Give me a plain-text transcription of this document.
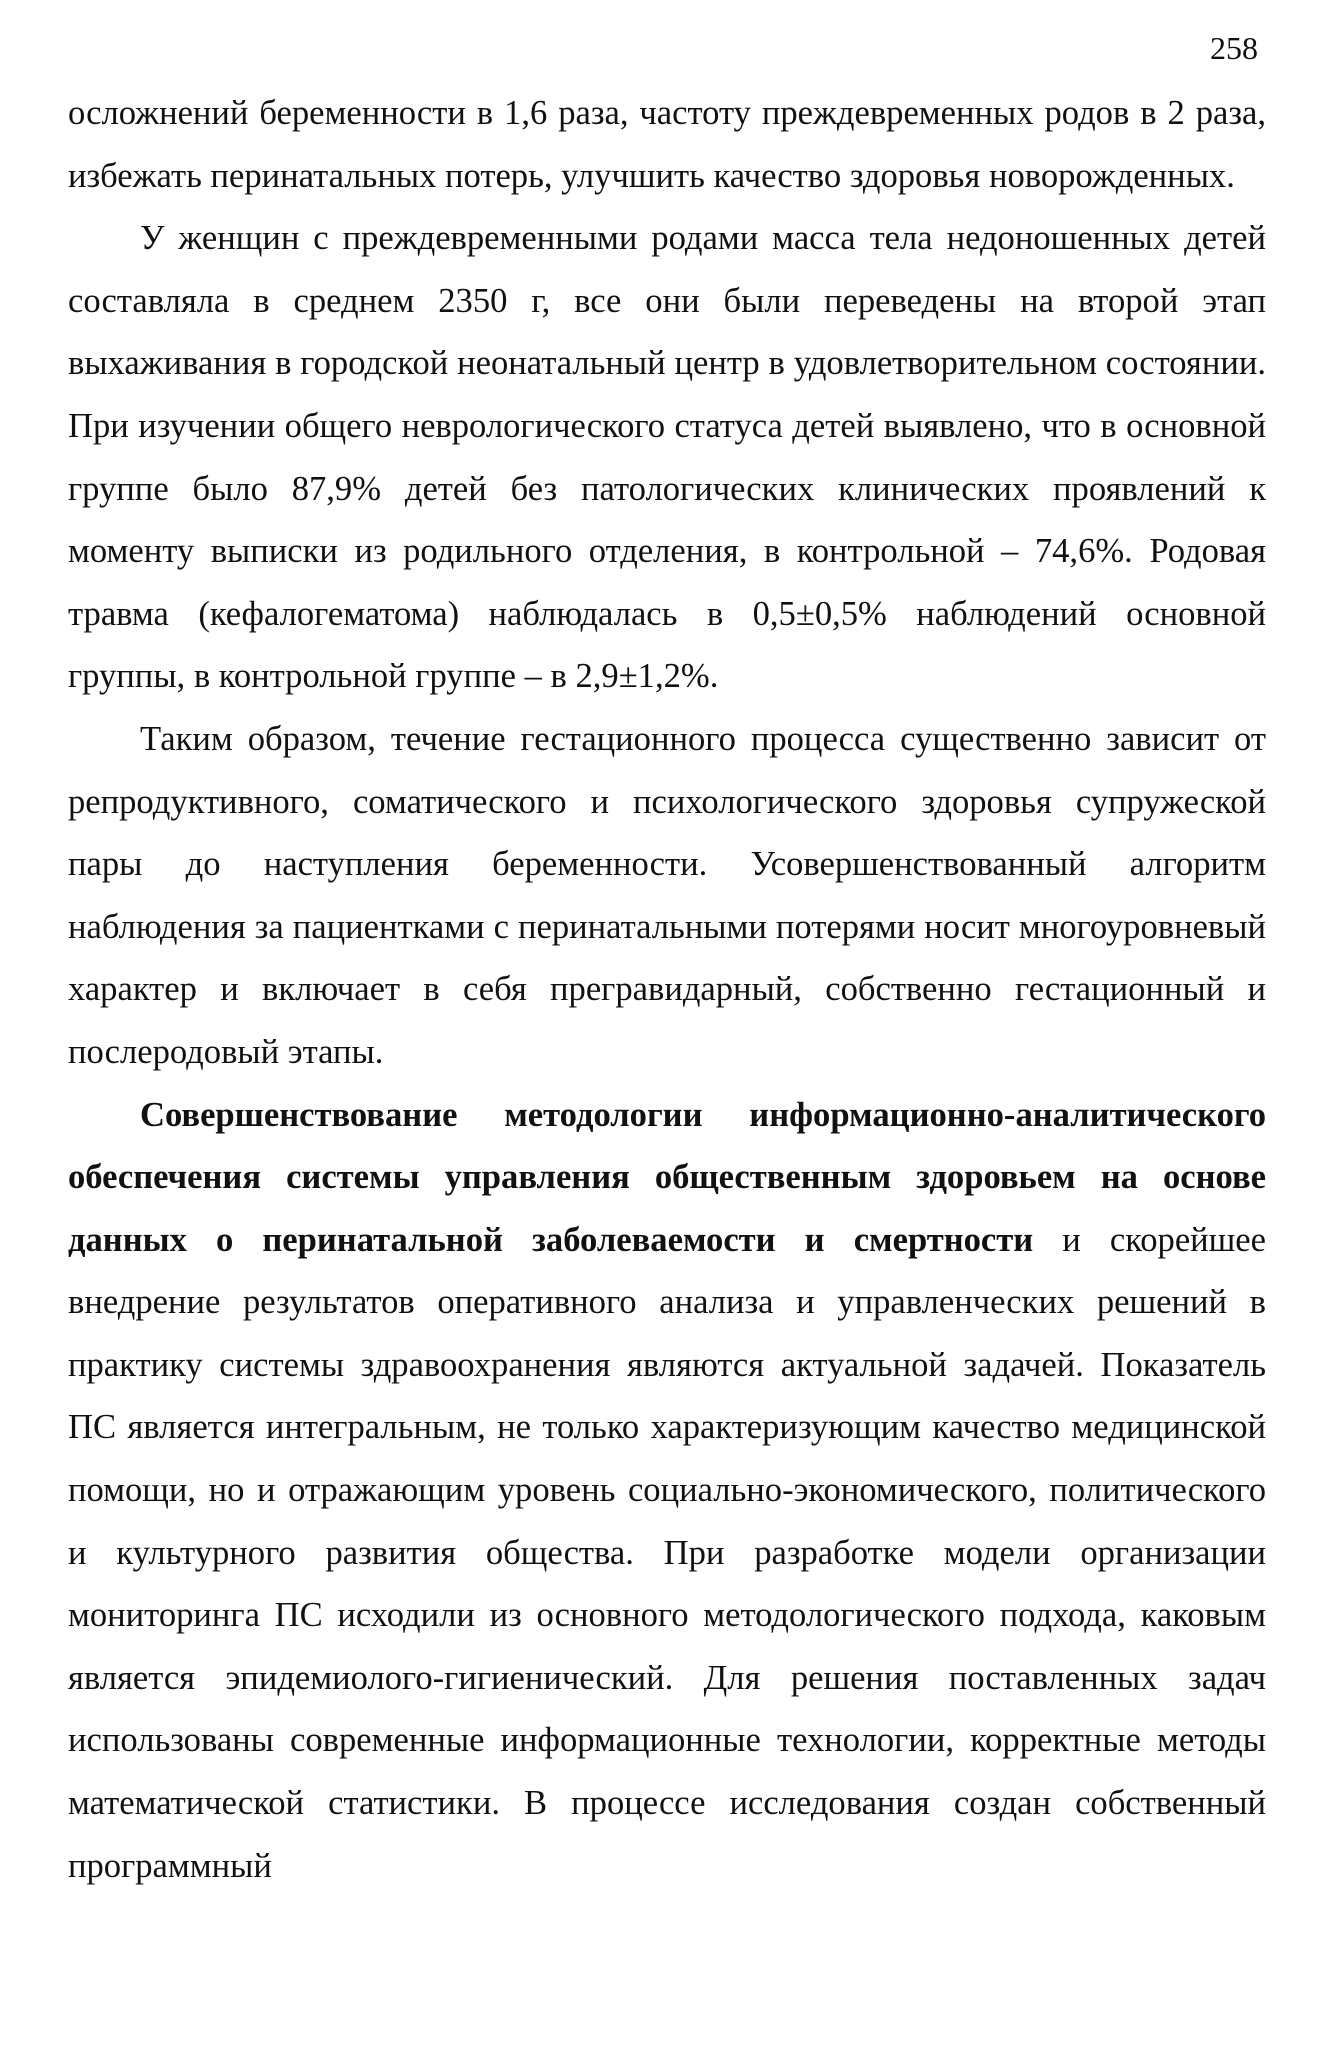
258

осложнений беременности в 1,6 раза, частоту преждевременных родов в 2 раза, избежать перинатальных потерь, улучшить качество здоровья новорожденных.

У женщин с преждевременными родами масса тела недоношенных детей составляла в среднем 2350 г, все они были переведены на второй этап выхаживания в городской неонатальный центр в удовлетворительном состоянии. При изучении общего неврологического статуса детей выявлено, что в основной группе было 87,9% детей без патологических клинических проявлений к моменту выписки из родильного отделения, в контрольной – 74,6%. Родовая травма (кефалогематома) наблюдалась в 0,5±0,5% наблюдений основной группы, в контрольной группе – в 2,9±1,2%.

Таким образом, течение гестационного процесса существенно зависит от репродуктивного, соматического и психологического здоровья супружеской пары до наступления беременности. Усовершенствованный алгоритм наблюдения за пациентками с перинатальными потерями носит многоуровневый характер и включает в себя прегравидарный, собственно гестационный и послеродовый этапы.

Совершенствование методологии информационно-аналитического обеспечения системы управления общественным здоровьем на основе данных о перинатальной заболеваемости и смертности и скорейшее внедрение результатов оперативного анализа и управленческих решений в практику системы здравоохранения являются актуальной задачей. Показатель ПС является интегральным, не только характеризующим качество медицинской помощи, но и отражающим уровень социально-экономического, политического и культурного развития общества. При разработке модели организации мониторинга ПС исходили из основного методологического подхода, каковым является эпидемиолого-гигиенический. Для решения поставленных задач использованы современные информационные технологии, корректные методы математической статистики. В процессе исследования создан собственный программный
